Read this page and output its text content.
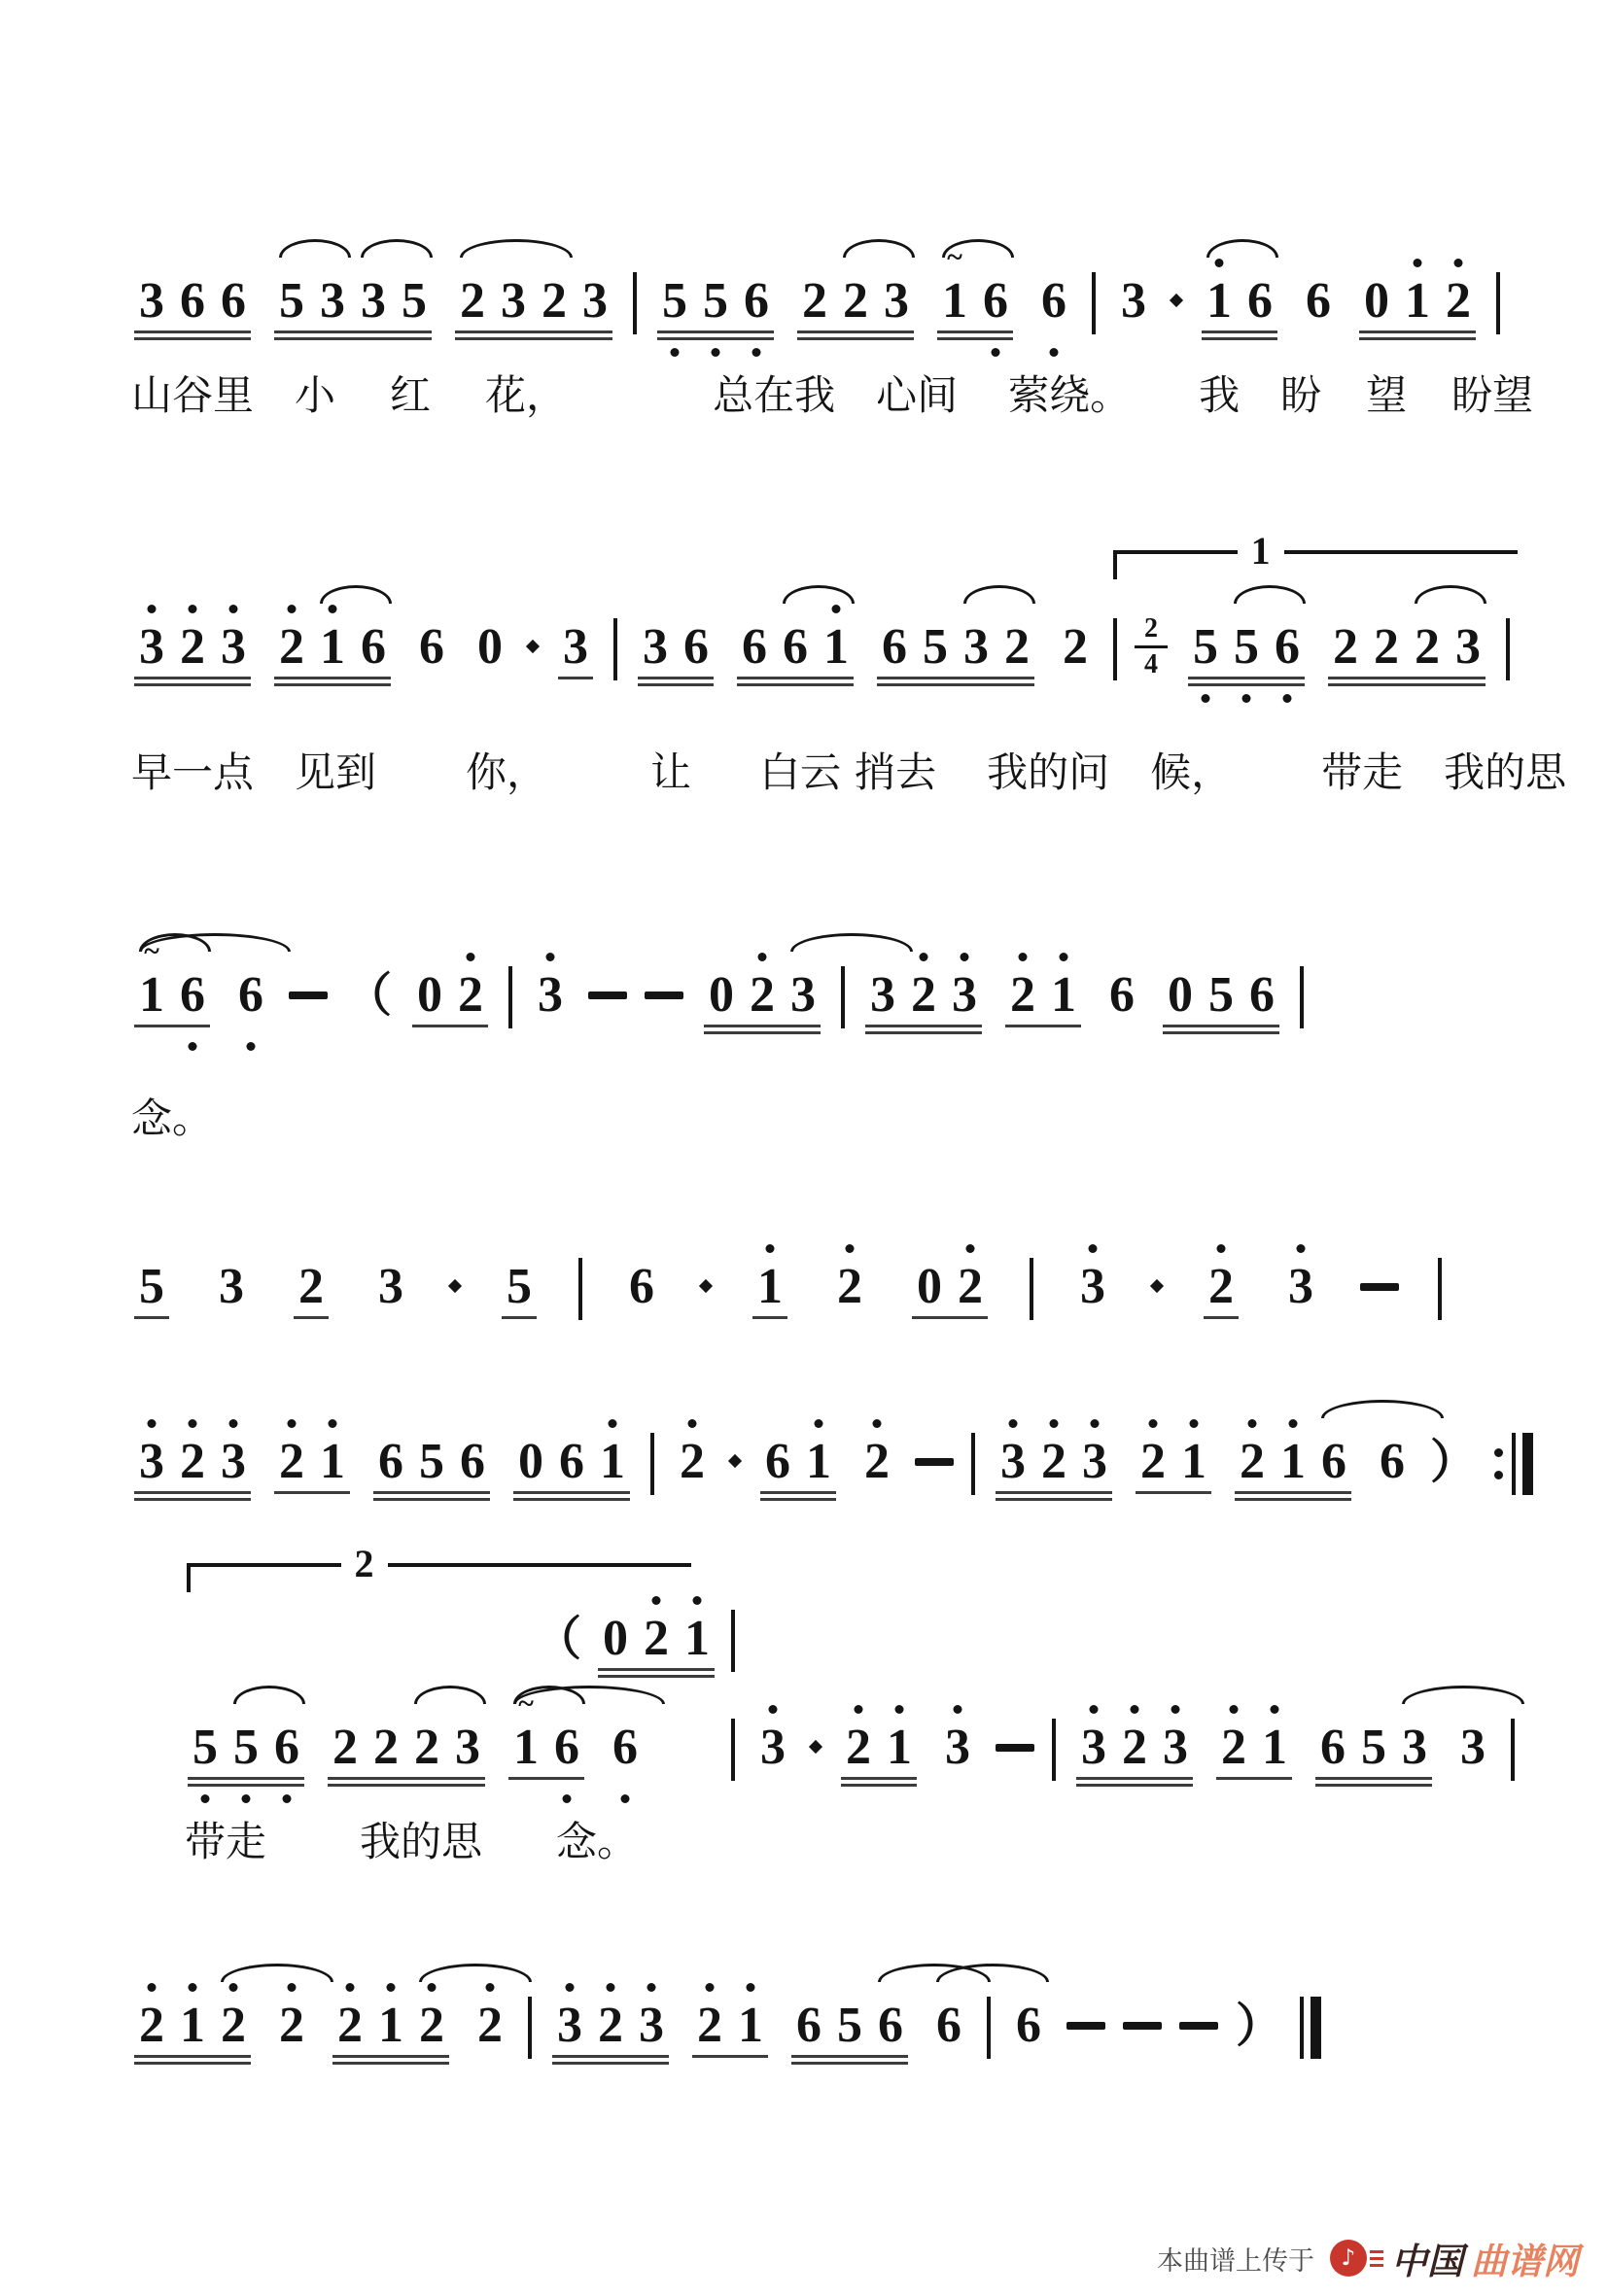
3 6 6 5 3 3 5 2 3 2 3 5 5 6 2 2 3 1
~
6 6 3 1 6 6 0 1 2
3 2 3 2 1 6 6 0 3 3 6 6 6 1 6 5 3 2 $2 \frac{2}{4} 5$ 5 6 2 2 2 3
1
~
6 6 （ 0 2 3	0 2 3 3 2 3 2 1 6 0 5 6
5 3 2 3 5 6 1 2 0 2 3 2 3
3 2 3 2 1 6 5 6 0 6 1 2 6 1 2 3 2 3 2 1 2 1 6 6 ）
5 5 6 2 2 2 3 1
~
6 6 3 2 1 3 3 2 3 2 1 6 5 3 3
（ 0 2 1
2 1 2 2 2 1 2 2 3 2 3 2 1 6 5 6 6 6	）
山谷里 小 红 花，	总在我 心间 萦绕。 我 盼 望 盼望
早一点 见到 你，	让 白云 捎去 我的问 候， 带走 我的思
念。
带走 我的思 念。
1
2
本曲谱上传于 ♪ 中国 曲谱网
